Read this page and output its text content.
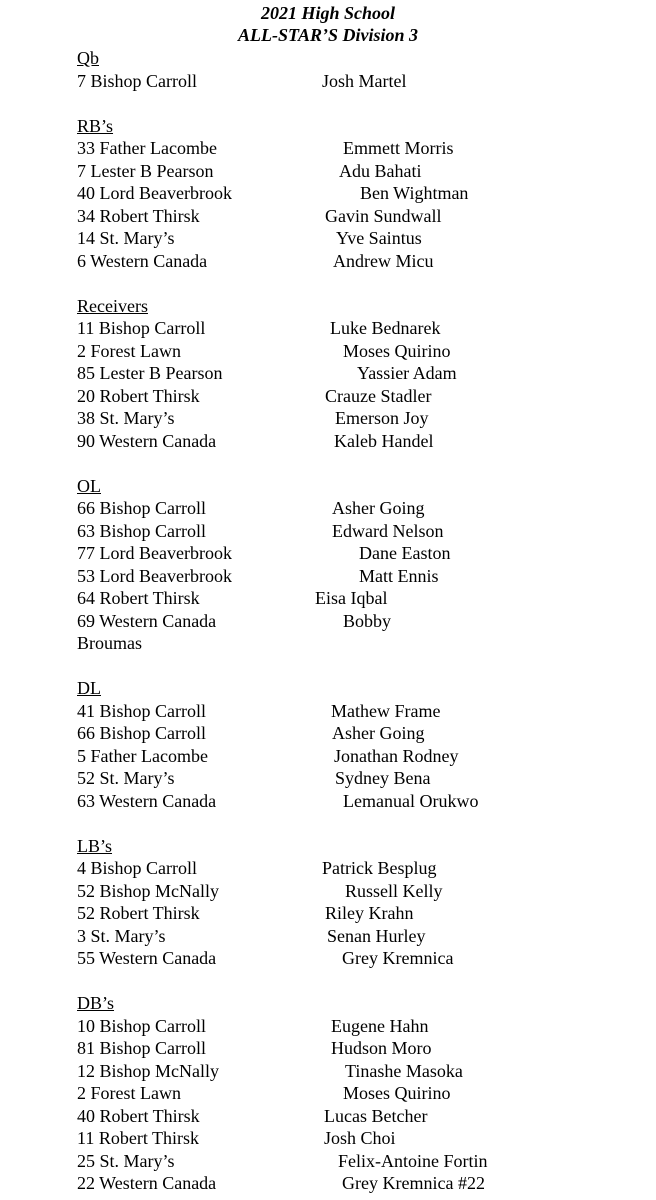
2021 High School
ALL-STAR’S Division 3
Qb
7 Bishop Carroll	Josh Martel
RB’s
33 Father Lacombe	Emmett Morris
7 Lester B Pearson	Adu Bahati
40 Lord Beaverbrook	Ben Wightman
34 Robert Thirsk	Gavin Sundwall
14 St. Mary’s	Yve Saintus
6 Western Canada	Andrew Micu
Receivers
11 Bishop Carroll	Luke Bednarek
2 Forest Lawn	Moses Quirino
85 Lester B Pearson	Yassier Adam
20 Robert Thirsk	Crauze Stadler
38 St. Mary’s	Emerson Joy
90 Western Canada	Kaleb Handel
OL
66 Bishop Carroll	Asher Going
63 Bishop Carroll	Edward Nelson
77 Lord Beaverbrook	Dane Easton
53 Lord Beaverbrook	Matt Ennis
64 Robert Thirsk	Eisa Iqbal
69 Western Canada	Bobby
Broumas
DL
41 Bishop Carroll	Mathew Frame
66 Bishop Carroll	Asher Going
5 Father Lacombe	Jonathan Rodney
52 St. Mary’s	Sydney Bena
63 Western Canada	Lemanual Orukwo
LB’s
4 Bishop Carroll	Patrick Besplug
52 Bishop McNally	Russell Kelly
52 Robert Thirsk	Riley Krahn
3 St. Mary’s	Senan Hurley
55 Western Canada	Grey Kremnica
DB’s
10 Bishop Carroll	Eugene Hahn
81 Bishop Carroll	Hudson Moro
12 Bishop McNally	Tinashe Masoka
2 Forest Lawn	Moses Quirino
40 Robert Thirsk	Lucas Betcher
11 Robert Thirsk	Josh Choi
25 St. Mary’s	Felix-Antoine Fortin
22 Western Canada	Grey Kremnica #22
